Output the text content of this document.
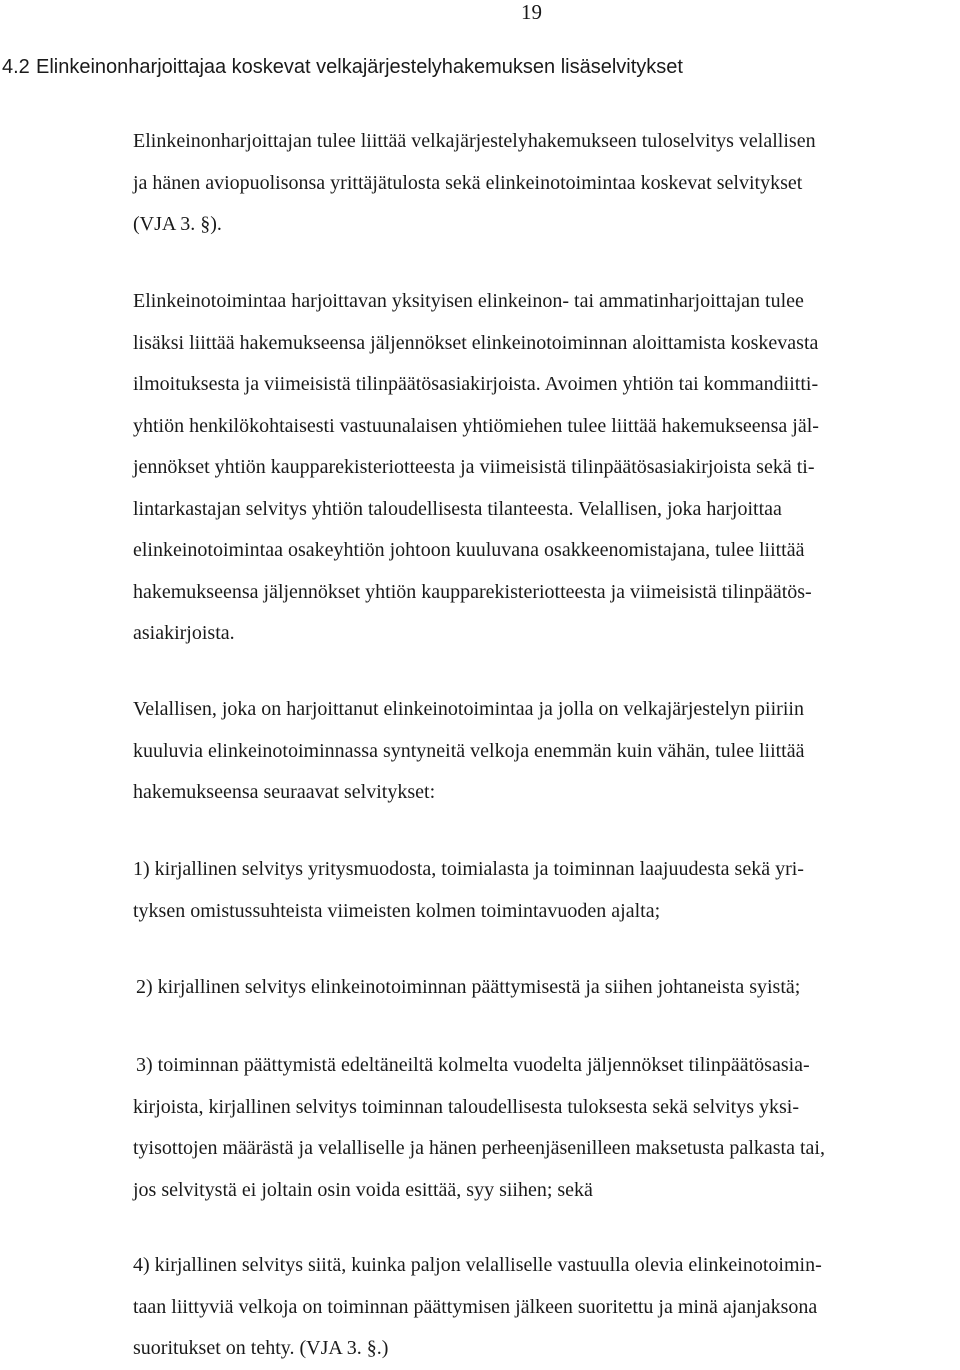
19
4.2 Elinkeinonharjoittajaa koskevat velkajärjestelyhakemuksen lisäselvitykset
Elinkeinonharjoittajan tulee liittää velkajärjestelyhakemukseen tuloselvitys velallisen
ja hänen aviopuolisonsa yrittäjätulosta sekä elinkeinotoimintaa koskevat selvitykset
(VJA 3. §).
Elinkeinotoimintaa harjoittavan yksityisen elinkeinon- tai ammatinharjoittajan tulee
lisäksi liittää hakemukseensa jäljennökset elinkeinotoiminnan aloittamista koskevasta
ilmoituksesta ja viimeisistä tilinpäätösasiakirjoista. Avoimen yhtiön tai kommandiitti-
yhtiön henkilökohtaisesti vastuunalaisen yhtiömiehen tulee liittää hakemukseensa jäl-
jennökset yhtiön kaupparekisteriotteesta ja viimeisistä tilinpäätösasiakirjoista sekä ti-
lintarkastajan selvitys yhtiön taloudellisesta tilanteesta. Velallisen, joka harjoittaa
elinkeinotoimintaa osakeyhtiön johtoon kuuluvana osakkeenomistajana, tulee liittää
hakemukseensa jäljennökset yhtiön kaupparekisteriotteesta ja viimeisistä tilinpäätös-
asiakirjoista.
Velallisen, joka on harjoittanut elinkeinotoimintaa ja jolla on velkajärjestelyn piiriin
kuuluvia elinkeinotoiminnassa syntyneitä velkoja enemmän kuin vähän, tulee liittää
hakemukseensa seuraavat selvitykset:
1) kirjallinen selvitys yritysmuodosta, toimialasta ja toiminnan laajuudesta sekä yri-
tyksen omistussuhteista viimeisten kolmen toimintavuoden ajalta;
2) kirjallinen selvitys elinkeinotoiminnan päättymisestä ja siihen johtaneista syistä;
3) toiminnan päättymistä edeltäneiltä kolmelta vuodelta jäljennökset tilinpäätösasia-
kirjoista, kirjallinen selvitys toiminnan taloudellisesta tuloksesta sekä selvitys yksi-
tyisottojen määrästä ja velalliselle ja hänen perheenjäsenilleen maksetusta palkasta tai,
jos selvitystä ei joltain osin voida esittää, syy siihen; sekä
4) kirjallinen selvitys siitä, kuinka paljon velalliselle vastuulla olevia elinkeinotoimin-
taan liittyviä velkoja on toiminnan päättymisen jälkeen suoritettu ja minä ajanjaksona
suoritukset on tehty. (VJA 3. §.)
